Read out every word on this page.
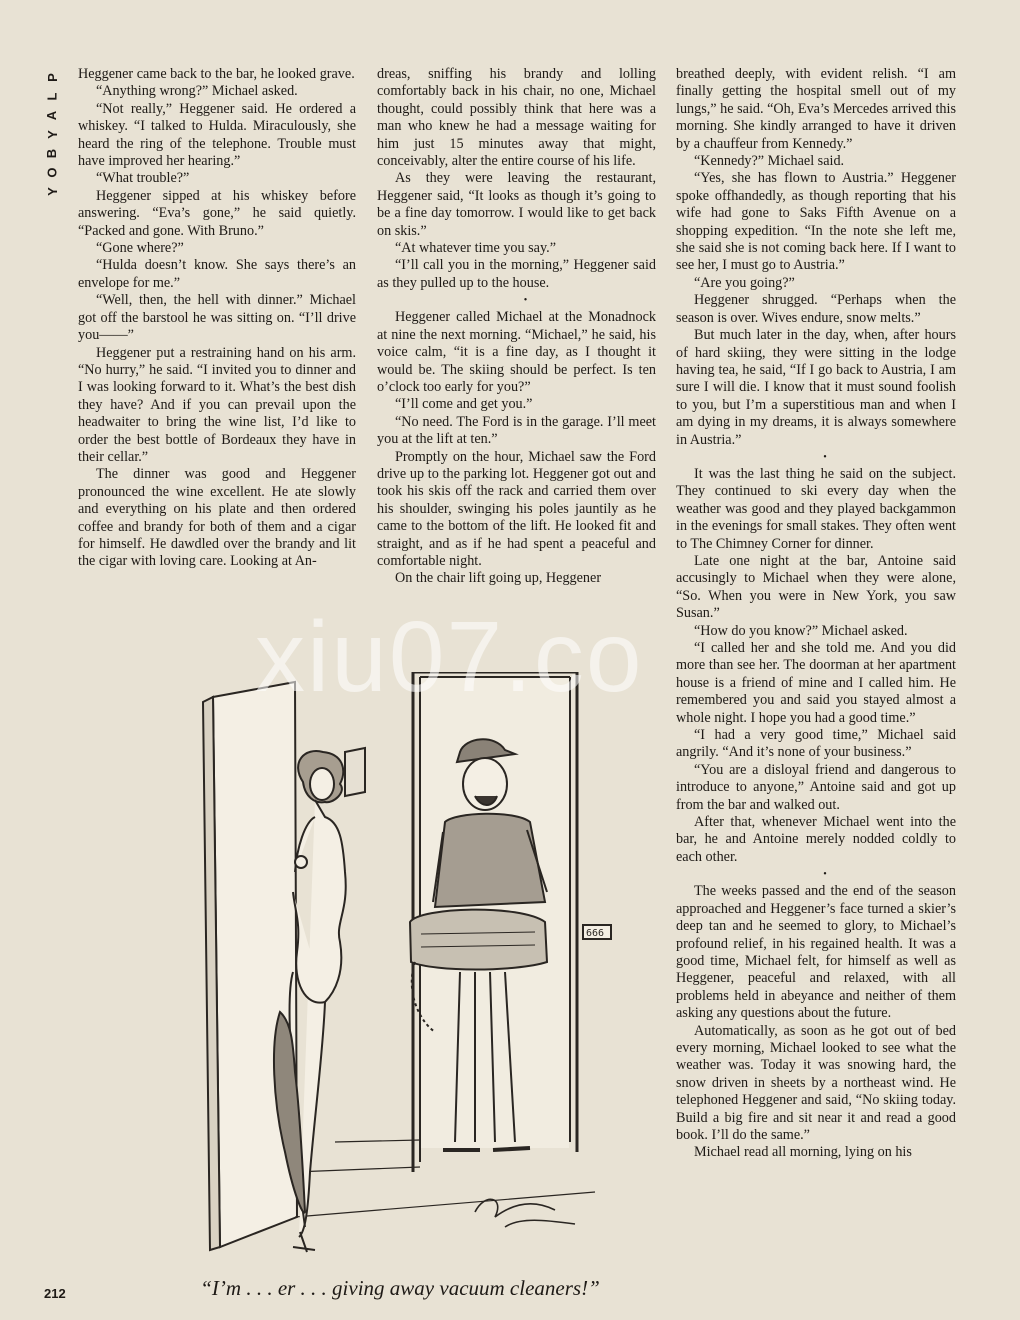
P
L
A
Y
B
O
Y

Heggener came back to the bar, he looked grave.

“Anything wrong?” Michael asked.

“Not really,” Heggener said. He ordered a whiskey. “I talked to Hulda. Miraculously, she heard the ring of the telephone. Trouble must have improved her hearing.”

“What trouble?”

Heggener sipped at his whiskey before answering. “Eva’s gone,” he said quietly. “Packed and gone. With Bruno.”

“Gone where?”

“Hulda doesn’t know. She says there’s an envelope for me.”

“Well, then, the hell with dinner.” Michael got off the barstool he was sitting on. “I’ll drive you——”

Heggener put a restraining hand on his arm. “No hurry,” he said. “I invited you to dinner and I was looking forward to it. What’s the best dish they have? And if you can prevail upon the headwaiter to bring the wine list, I’d like to order the best bottle of Bordeaux they have in their cellar.”

The dinner was good and Heggener pronounced the wine excellent. He ate slowly and everything on his plate and then ordered coffee and brandy for both of them and a cigar for himself. He dawdled over the brandy and lit the cigar with loving care. Looking at An-

dreas, sniffing his brandy and lolling comfortably back in his chair, no one, Michael thought, could possibly think that here was a man who knew he had a message waiting for him just 15 minutes away that might, conceivably, alter the entire course of his life.

As they were leaving the restaurant, Heggener said, “It looks as though it’s going to be a fine day tomorrow. I would like to get back on skis.”

“At whatever time you say.”

“I’ll call you in the morning,” Heggener said as they pulled up to the house.

•

Heggener called Michael at the Monadnock at nine the next morning. “Michael,” he said, his voice calm, “it is a fine day, as I thought it would be. The skiing should be perfect. Is ten o’clock too early for you?”

“I’ll come and get you.”

“No need. The Ford is in the garage. I’ll meet you at the lift at ten.”

Promptly on the hour, Michael saw the Ford drive up to the parking lot. Heggener got out and took his skis off the rack and carried them over his shoulder, swinging his poles jauntily as he came to the bottom of the lift. He looked fit and straight, and as if he had spent a peaceful and comfortable night.

On the chair lift going up, Heggener

breathed deeply, with evident relish. “I am finally getting the hospital smell out of my lungs,” he said. “Oh, Eva’s Mercedes arrived this morning. She kindly arranged to have it driven by a chauffeur from Kennedy.”

“Kennedy?” Michael said.

“Yes, she has flown to Austria.” Heggener spoke offhandedly, as though reporting that his wife had gone to Saks Fifth Avenue on a shopping expedition. “In the note she left me, she said she is not coming back here. If I want to see her, I must go to Austria.”

“Are you going?”

Heggener shrugged. “Perhaps when the season is over. Wives endure, snow melts.”

But much later in the day, when, after hours of hard skiing, they were sitting in the lodge having tea, he said, “If I go back to Austria, I am sure I will die. I know that it must sound foolish to you, but I’m a superstitious man and when I am dying in my dreams, it is always somewhere in Austria.”

•

It was the last thing he said on the subject. They continued to ski every day when the weather was good and they played backgammon in the evenings for small stakes. They often went to The Chimney Corner for dinner.

Late one night at the bar, Antoine said accusingly to Michael when they were alone, “So. When you were in New York, you saw Susan.”

“How do you know?” Michael asked.

“I called her and she told me. And you did more than see her. The doorman at her apartment house is a friend of mine and I called him. He remembered you and said you stayed almost a whole night. I hope you had a good time.”

“I had a very good time,” Michael said angrily. “And it’s none of your business.”

“You are a disloyal friend and dangerous to introduce to anyone,” Antoine said and got up from the bar and walked out.

After that, whenever Michael went into the bar, he and Antoine merely nodded coldly to each other.

•

The weeks passed and the end of the season approached and Heggener’s face turned a skier’s deep tan and he seemed to glory, to Michael’s profound relief, in his regained health. It was a good time, Michael felt, for himself as well as Heggener, peaceful and relaxed, with all problems held in abeyance and neither of them asking any questions about the future.

Automatically, as soon as he got out of bed every morning, Michael looked to see what the weather was. Today it was snowing hard, the snow driven in sheets by a northeast wind. He telephoned Heggener and said, “No skiing today. Build a big fire and sit near it and read a good book. I’ll do the same.”

Michael read all morning, lying on his

666
“I’m . . . er . . . giving away vacuum cleaners!”
212
xiu07.co
